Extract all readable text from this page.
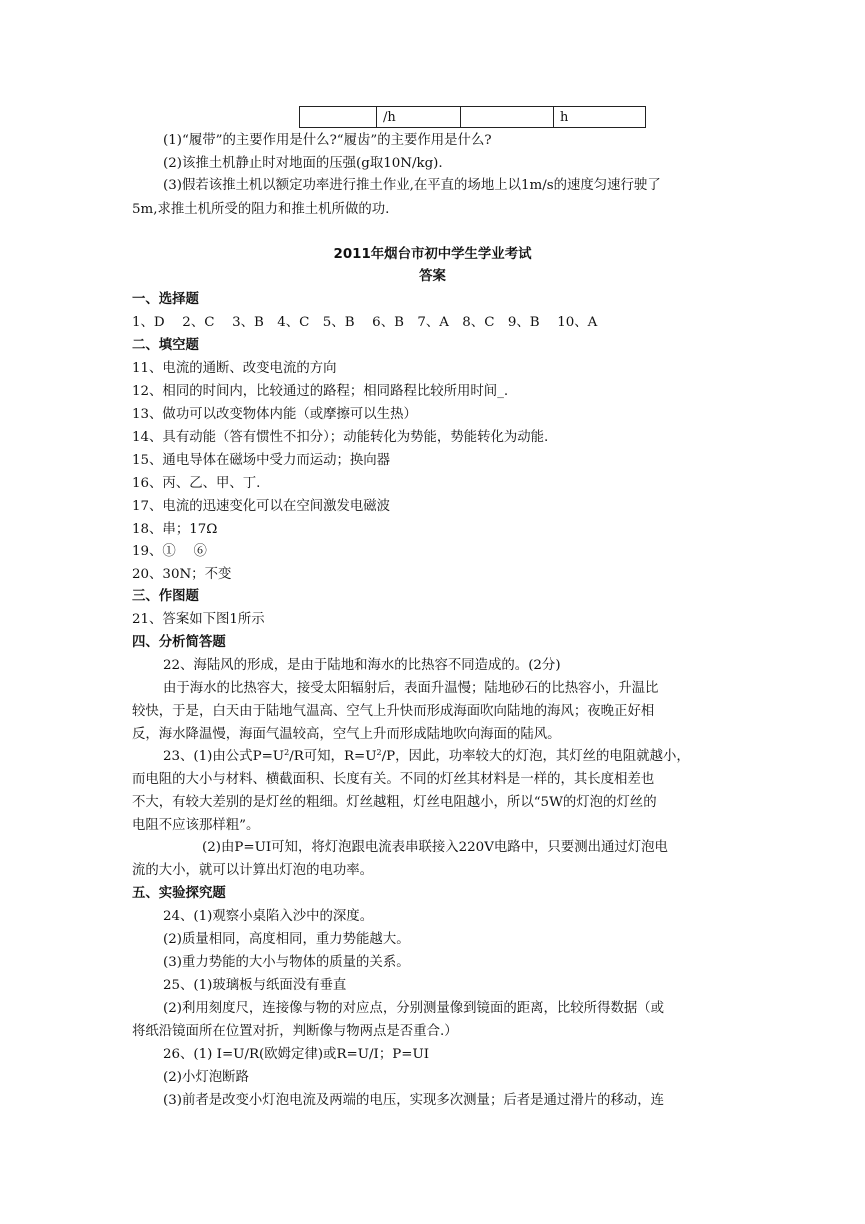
	/h		h
(1)“履带”的主要作用是什么?“履齿”的主要作用是什么?
(2)该推土机静止时对地面的压强(g取10N/kg).
(3)假若该推土机以额定功率进行推土作业,在平直的场地上以1m/s的速度匀速行驶了
5m,求推土机所受的阻力和推土机所做的功.
2011年烟台市初中学生学业考试
答案
一、选择题
1、D　 2、C　 3、B　4、C　5、B　 6、B　7、A　8、C　9、B　 10、A
二、填空题
11、电流的通断、改变电流的方向
12、相同的时间内，比较通过的路程；相同路程比较所用时间_.
13、做功可以改变物体内能（或摩擦可以生热）
14、具有动能（答有惯性不扣分）；动能转化为势能，势能转化为动能.
15、通电导体在磁场中受力而运动；换向器
16、丙、乙、甲、丁.
17、电流的迅速变化可以在空间激发电磁波
18、串；17Ω
19、①　 ⑥
20、30N；不变
三、作图题
21、答案如下图1所示
四、分析简答题
22、海陆风的形成，是由于陆地和海水的比热容不同造成的。(2分)
由于海水的比热容大，接受太阳辐射后，表面升温慢；陆地砂石的比热容小，升温比
较快，于是，白天由于陆地气温高、空气上升快而形成海面吹向陆地的海风；夜晚正好相
反，海水降温慢，海面气温较高，空气上升而形成陆地吹向海面的陆风。
23、(1)由公式$P=U^2/R$可知，$R=U^2/P$，因此，功率较大的灯泡，其灯丝的电阻就越小，
而电阻的大小与材料、横截面积、长度有关。不同的灯丝其材料是一样的，其长度相差也
不大，有较大差别的是灯丝的粗细。灯丝越粗，灯丝电阻越小，所以“5W的灯泡的灯丝的
电阻不应该那样粗”。
(2)由P=UI可知，将灯泡跟电流表串联接入220V电路中，只要测出通过灯泡电
流的大小，就可以计算出灯泡的电功率。
五、实验探究题
24、(1)观察小桌陷入沙中的深度。
(2)质量相同，高度相同，重力势能越大。
(3)重力势能的大小与物体的质量的关系。
25、(1)玻璃板与纸面没有垂直
(2)利用刻度尺，连接像与物的对应点，分别测量像到镜面的距离，比较所得数据（或
将纸沿镜面所在位置对折，判断像与物两点是否重合.）
26、(1) I=U/R(欧姆定律)或R=U/I；P=UI
(2)小灯泡断路
(3)前者是改变小灯泡电流及两端的电压，实现多次测量；后者是通过滑片的移动，连
